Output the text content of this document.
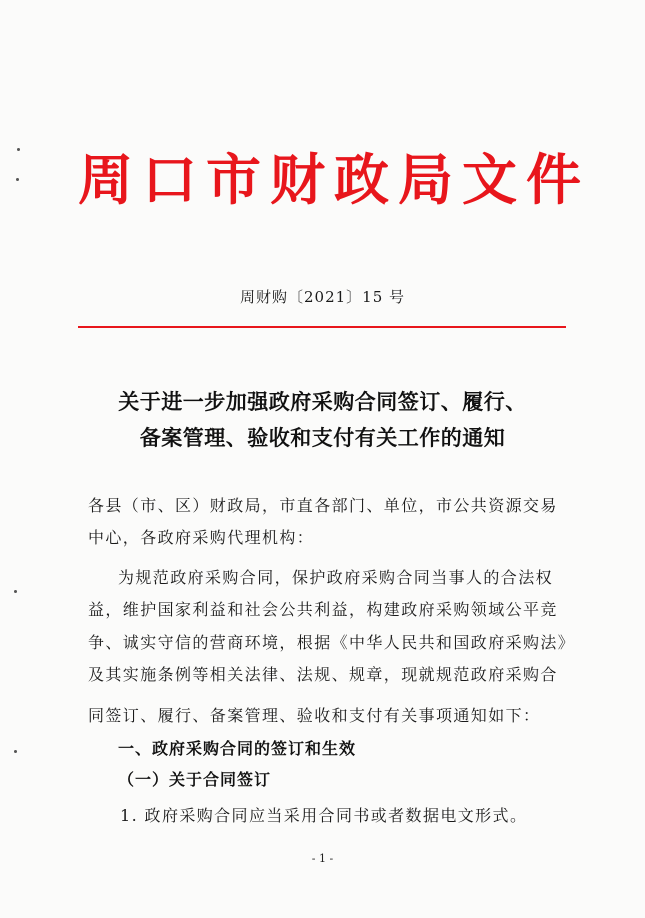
周口市财政局文件
周财购〔2021〕15 号
关于进一步加强政府采购合同签订、履行、
备案管理、验收和支付有关工作的通知
各县（市、区）财政局，市直各部门、单位，市公共资源交易
中心，各政府采购代理机构：
为规范政府采购合同，保护政府采购合同当事人的合法权
益，维护国家利益和社会公共利益，构建政府采购领域公平竞
争、诚实守信的营商环境，根据《中华人民共和国政府采购法》
及其实施条例等相关法律、法规、规章，现就规范政府采购合
同签订、履行、备案管理、验收和支付有关事项通知如下：
一、政府采购合同的签订和生效
（一）关于合同签订
1. 政府采购合同应当采用合同书或者数据电文形式。
- 1 -
